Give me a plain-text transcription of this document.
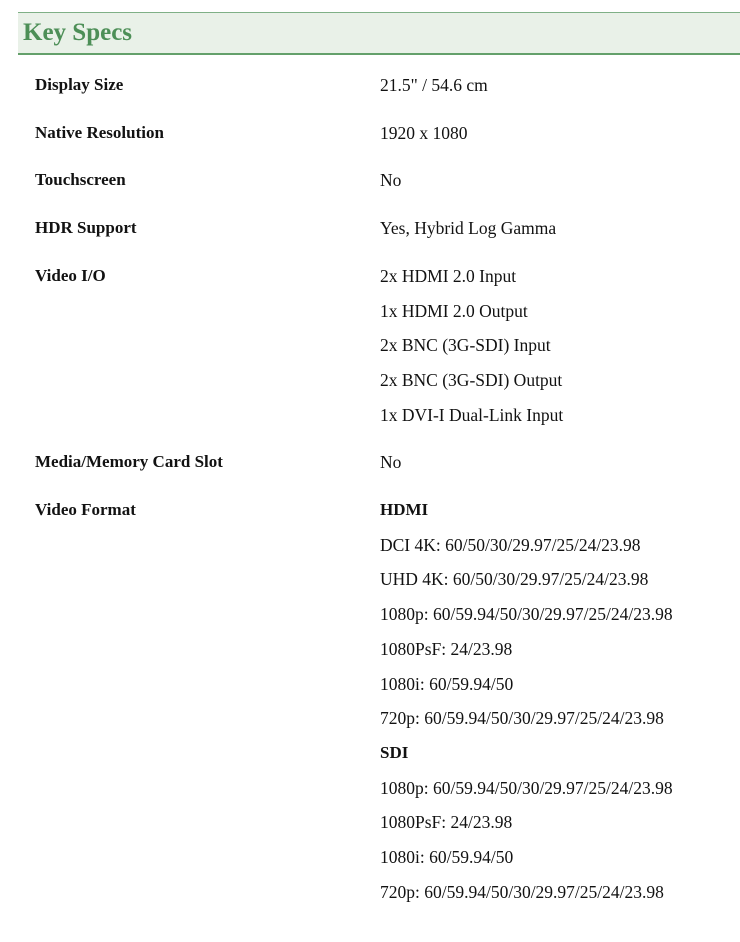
Key Specs
Display Size	21.5" / 54.6 cm
Native Resolution	1920 x 1080
Touchscreen	No
HDR Support	Yes, Hybrid Log Gamma
Video I/O	2x HDMI 2.0 Input
1x HDMI 2.0 Output
2x BNC (3G-SDI) Input
2x BNC (3G-SDI) Output
1x DVI-I Dual-Link Input
Media/Memory Card Slot	No
Video Format	HDMI
DCI 4K: 60/50/30/29.97/25/24/23.98
UHD 4K: 60/50/30/29.97/25/24/23.98
1080p: 60/59.94/50/30/29.97/25/24/23.98
1080PsF: 24/23.98
1080i: 60/59.94/50
720p: 60/59.94/50/30/29.97/25/24/23.98
SDI
1080p: 60/59.94/50/30/29.97/25/24/23.98
1080PsF: 24/23.98
1080i: 60/59.94/50
720p: 60/59.94/50/30/29.97/25/24/23.98
